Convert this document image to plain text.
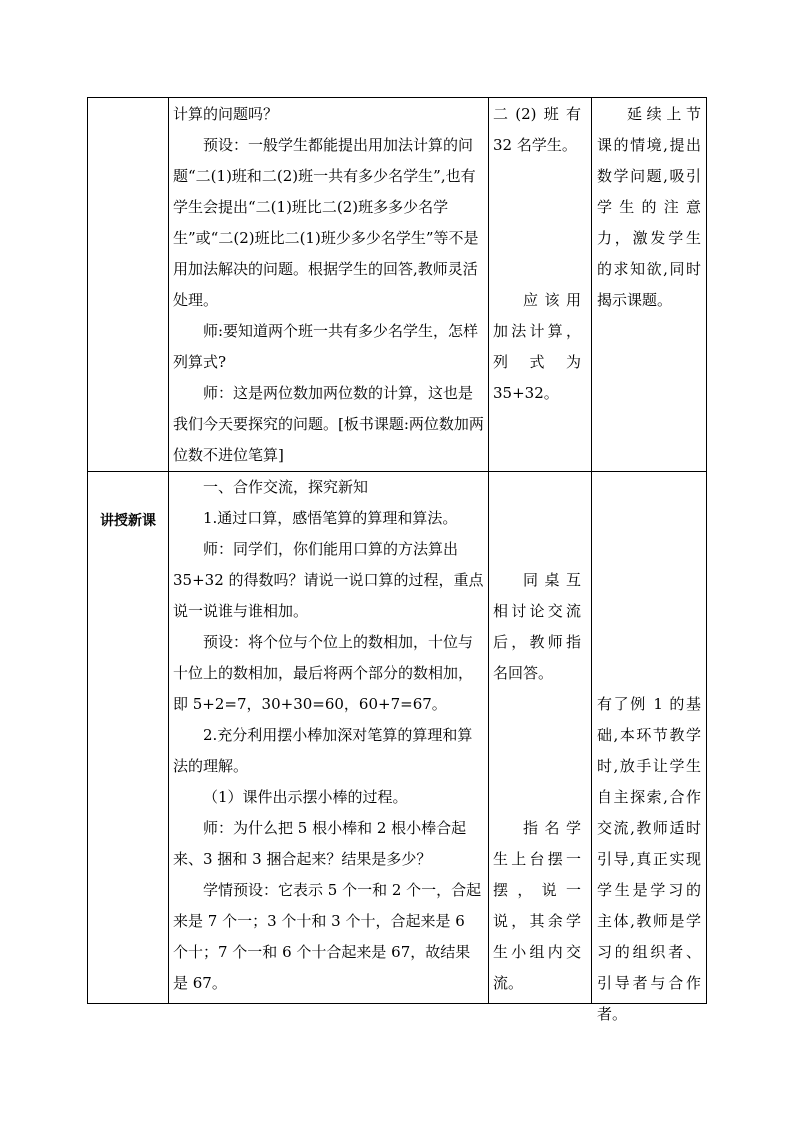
计算的问题吗？

预设：一般学生都能提出用加法计算的问题“二(1)班和二(2)班一共有多少名学生”,也有学生会提出“二(1)班比二(2)班多多少名学生”或“二(2)班比二(1)班少多少名学生”等不是用加法解决的问题。根据学生的回答,教师灵活处理。

师:要知道两个班一共有多少名学生，怎样列算式?

师：这是两位数加两位数的计算，这也是我们今天要探究的问题。[板书课题:两位数加两位数不进位笔算]

二(2)班有 32 名学生。

应该用加法计算，列式为35+32。

延续上节课的情境,提出数学问题,吸引学生的注意力，激发学生的求知欲,同时揭示课题。

讲授新课

一、合作交流，探究新知

1.通过口算，感悟笔算的算理和算法。

师：同学们，你们能用口算的方法算出35+32 的得数吗？请说一说口算的过程，重点说一说谁与谁相加。

预设：将个位与个位上的数相加，十位与十位上的数相加，最后将两个部分的数相加，即 5+2=7，30+30=60，60+7=67。

2.充分利用摆小棒加深对笔算的算理和算法的理解。

（1）课件出示摆小棒的过程。

师：为什么把 5 根小棒和 2 根小棒合起来、3 捆和 3 捆合起来？结果是多少？

学情预设：它表示 5 个一和 2 个一，合起来是 7 个一；3 个十和 3 个十，合起来是 6 个十；7 个一和 6 个十合起来是 67，故结果是 67。

同桌互相讨论交流后，教师指名回答。

指名学生上台摆一摆，说一说，其余学生小组内交流。

有了例 1 的基础,本环节教学时,放手让学生自主探索,合作交流,教师适时引导,真正实现学生是学习的主体,教师是学习的组织者、引导者与合作者。
